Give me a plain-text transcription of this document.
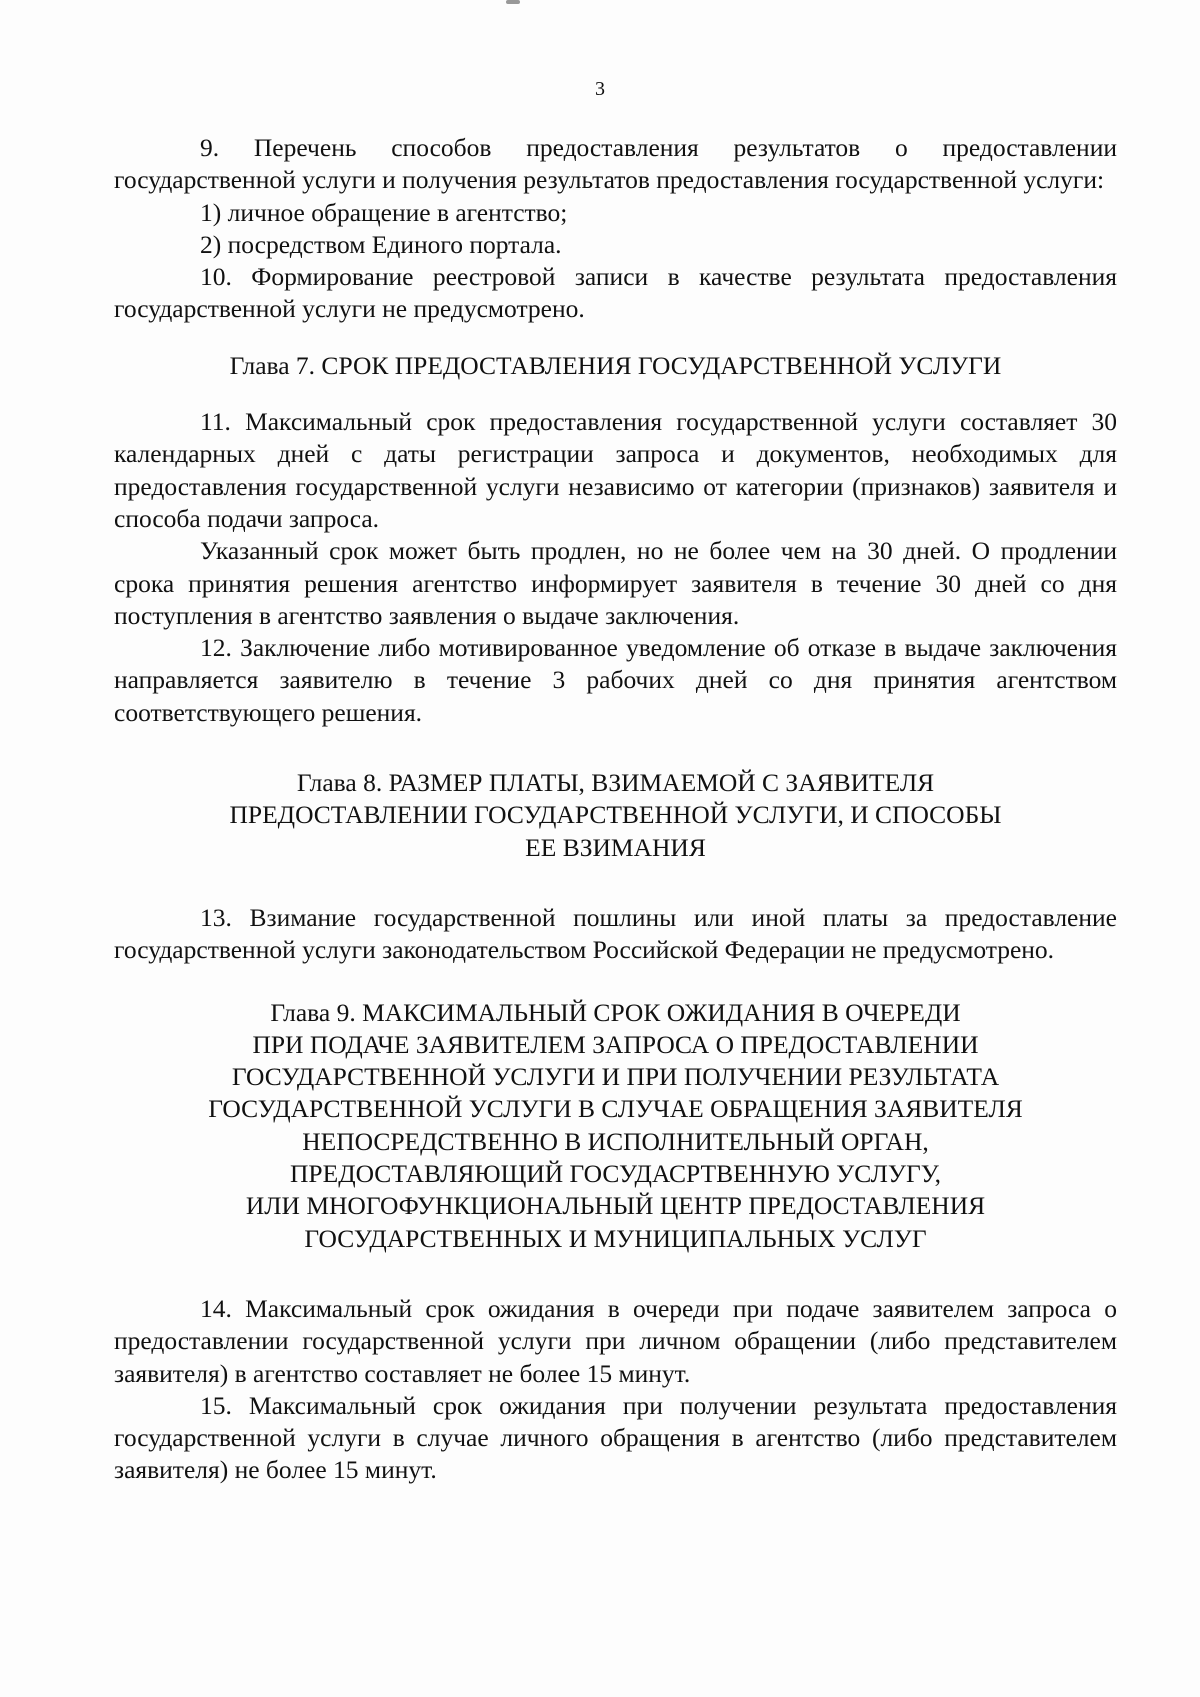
3

9. Перечень способов предоставления результатов о предоставлении государственной услуги и получения результатов предоставления государственной услуги:

1) личное обращение в агентство;

2) посредством Единого портала.

10. Формирование реестровой записи в качестве результата предоставления государственной услуги не предусмотрено.

Глава 7. СРОК ПРЕДОСТАВЛЕНИЯ ГОСУДАРСТВЕННОЙ УСЛУГИ

11. Максимальный срок предоставления государственной услуги составляет 30 календарных дней с даты регистрации запроса и документов, необходимых для предоставления государственной услуги независимо от категории (признаков) заявителя и способа подачи запроса.

Указанный срок может быть продлен, но не более чем на 30 дней. О продлении срока принятия решения агентство информирует заявителя в течение 30 дней со дня поступления в агентство заявления о выдаче заключения.

12. Заключение либо мотивированное уведомление об отказе в выдаче заключения направляется заявителю в течение 3 рабочих дней со дня принятия агентством соответствующего решения.

Глава 8. РАЗМЕР ПЛАТЫ, ВЗИМАЕМОЙ С ЗАЯВИТЕЛЯ
ПРЕДОСТАВЛЕНИИ ГОСУДАРСТВЕННОЙ УСЛУГИ, И СПОСОБЫ
ЕЕ ВЗИМАНИЯ

13. Взимание государственной пошлины или иной платы за предоставление государственной услуги законодательством Российской Федерации не предусмотрено.

Глава 9. МАКСИМАЛЬНЫЙ СРОК ОЖИДАНИЯ В ОЧЕРЕДИ
ПРИ ПОДАЧЕ ЗАЯВИТЕЛЕМ ЗАПРОСА О ПРЕДОСТАВЛЕНИИ
ГОСУДАРСТВЕННОЙ УСЛУГИ И ПРИ ПОЛУЧЕНИИ РЕЗУЛЬТАТА
ГОСУДАРСТВЕННОЙ УСЛУГИ В СЛУЧАЕ ОБРАЩЕНИЯ ЗАЯВИТЕЛЯ
НЕПОСРЕДСТВЕННО В ИСПОЛНИТЕЛЬНЫЙ ОРГАН,
ПРЕДОСТАВЛЯЮЩИЙ ГОСУДАСРТВЕННУЮ УСЛУГУ,
ИЛИ МНОГОФУНКЦИОНАЛЬНЫЙ ЦЕНТР ПРЕДОСТАВЛЕНИЯ
ГОСУДАРСТВЕННЫХ И МУНИЦИПАЛЬНЫХ УСЛУГ

14. Максимальный срок ожидания в очереди при подаче заявителем запроса о предоставлении государственной услуги при личном обращении (либо представителем заявителя) в агентство составляет не более 15 минут.

15. Максимальный срок ожидания при получении результата предоставления государственной услуги в случае личного обращения в агентство (либо представителем заявителя) не более 15 минут.
